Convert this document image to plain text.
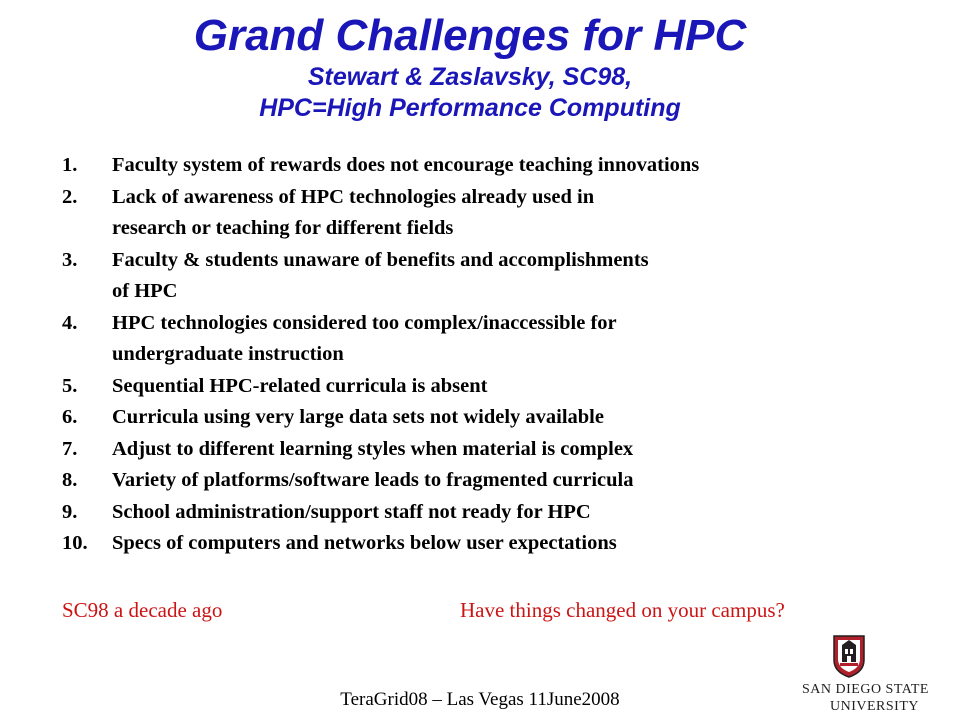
Grand Challenges for HPC

Stewart & Zaslavsky, SC98,

HPC=High Performance Computing

1.	Faculty system of rewards does not encourage teaching innovations
2.	Lack of awareness of HPC technologies already used in
research or teaching for different fields
3.	Faculty & students unaware of benefits and accomplishments
of HPC
4.	HPC technologies considered too complex/inaccessible for
undergraduate instruction
5.	Sequential HPC-related curricula is absent
6.	Curricula using very large data sets not widely available
7.	Adjust to different learning styles when material is complex
8.	Variety of platforms/software leads to fragmented curricula
9.	School administration/support staff not ready for HPC
10.	Specs of computers and networks below user expectations
SC98 a decade ago	Have things changed on your campus?
TeraGrid08 – Las Vegas 11June2008	SAN DIEGO STATE
UNIVERSITY
